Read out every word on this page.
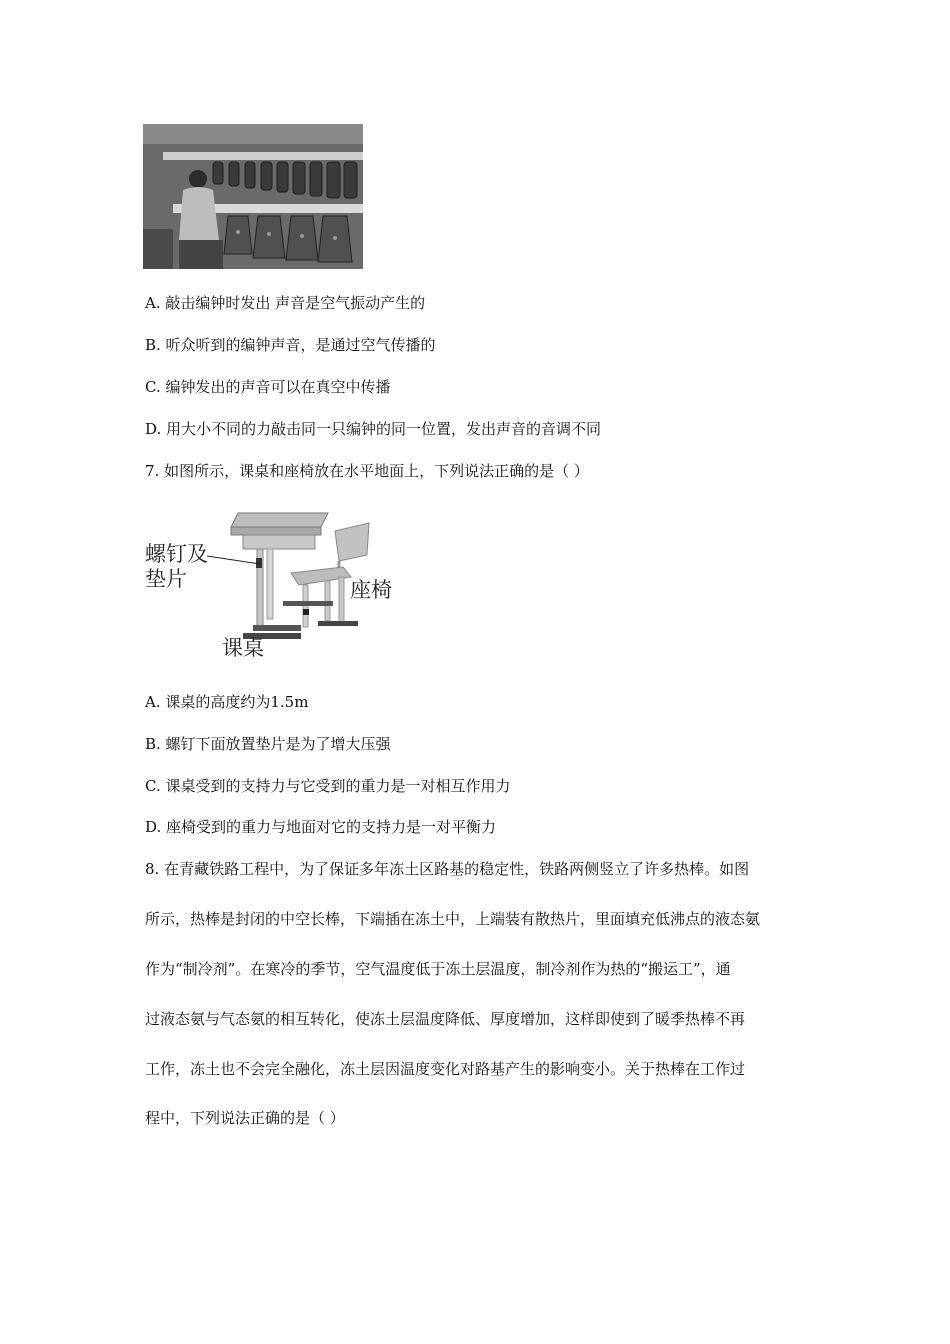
A. 敲击编钟时发出 声音是空气振动产生的
B. 听众听到的编钟声音，是通过空气传播的
C. 编钟发出的声音可以在真空中传播
D. 用大小不同的力敲击同一只编钟的同一位置，发出声音的音调不同
7. 如图所示，课桌和座椅放在水平地面上，下列说法正确的是（ ）
螺钉及
垫片	座椅
课桌
A. 课桌的高度约为1.5m
B. 螺钉下面放置垫片是为了增大压强
C. 课桌受到的支持力与它受到的重力是一对相互作用力
D. 座椅受到的重力与地面对它的支持力是一对平衡力
8. 在青藏铁路工程中，为了保证多年冻土区路基的稳定性，铁路两侧竖立了许多热棒。如图
所示，热棒是封闭的中空长棒，下端插在冻土中，上端装有散热片，里面填充低沸点的液态氨
作为“制冷剂”。在寒冷的季节，空气温度低于冻土层温度，制冷剂作为热的“搬运工”，通
过液态氨与气态氨的相互转化，使冻土层温度降低、厚度增加，这样即使到了暖季热棒不再
工作，冻土也不会完全融化，冻土层因温度变化对路基产生的影响变小。关于热棒在工作过
程中，下列说法正确的是（ ）
